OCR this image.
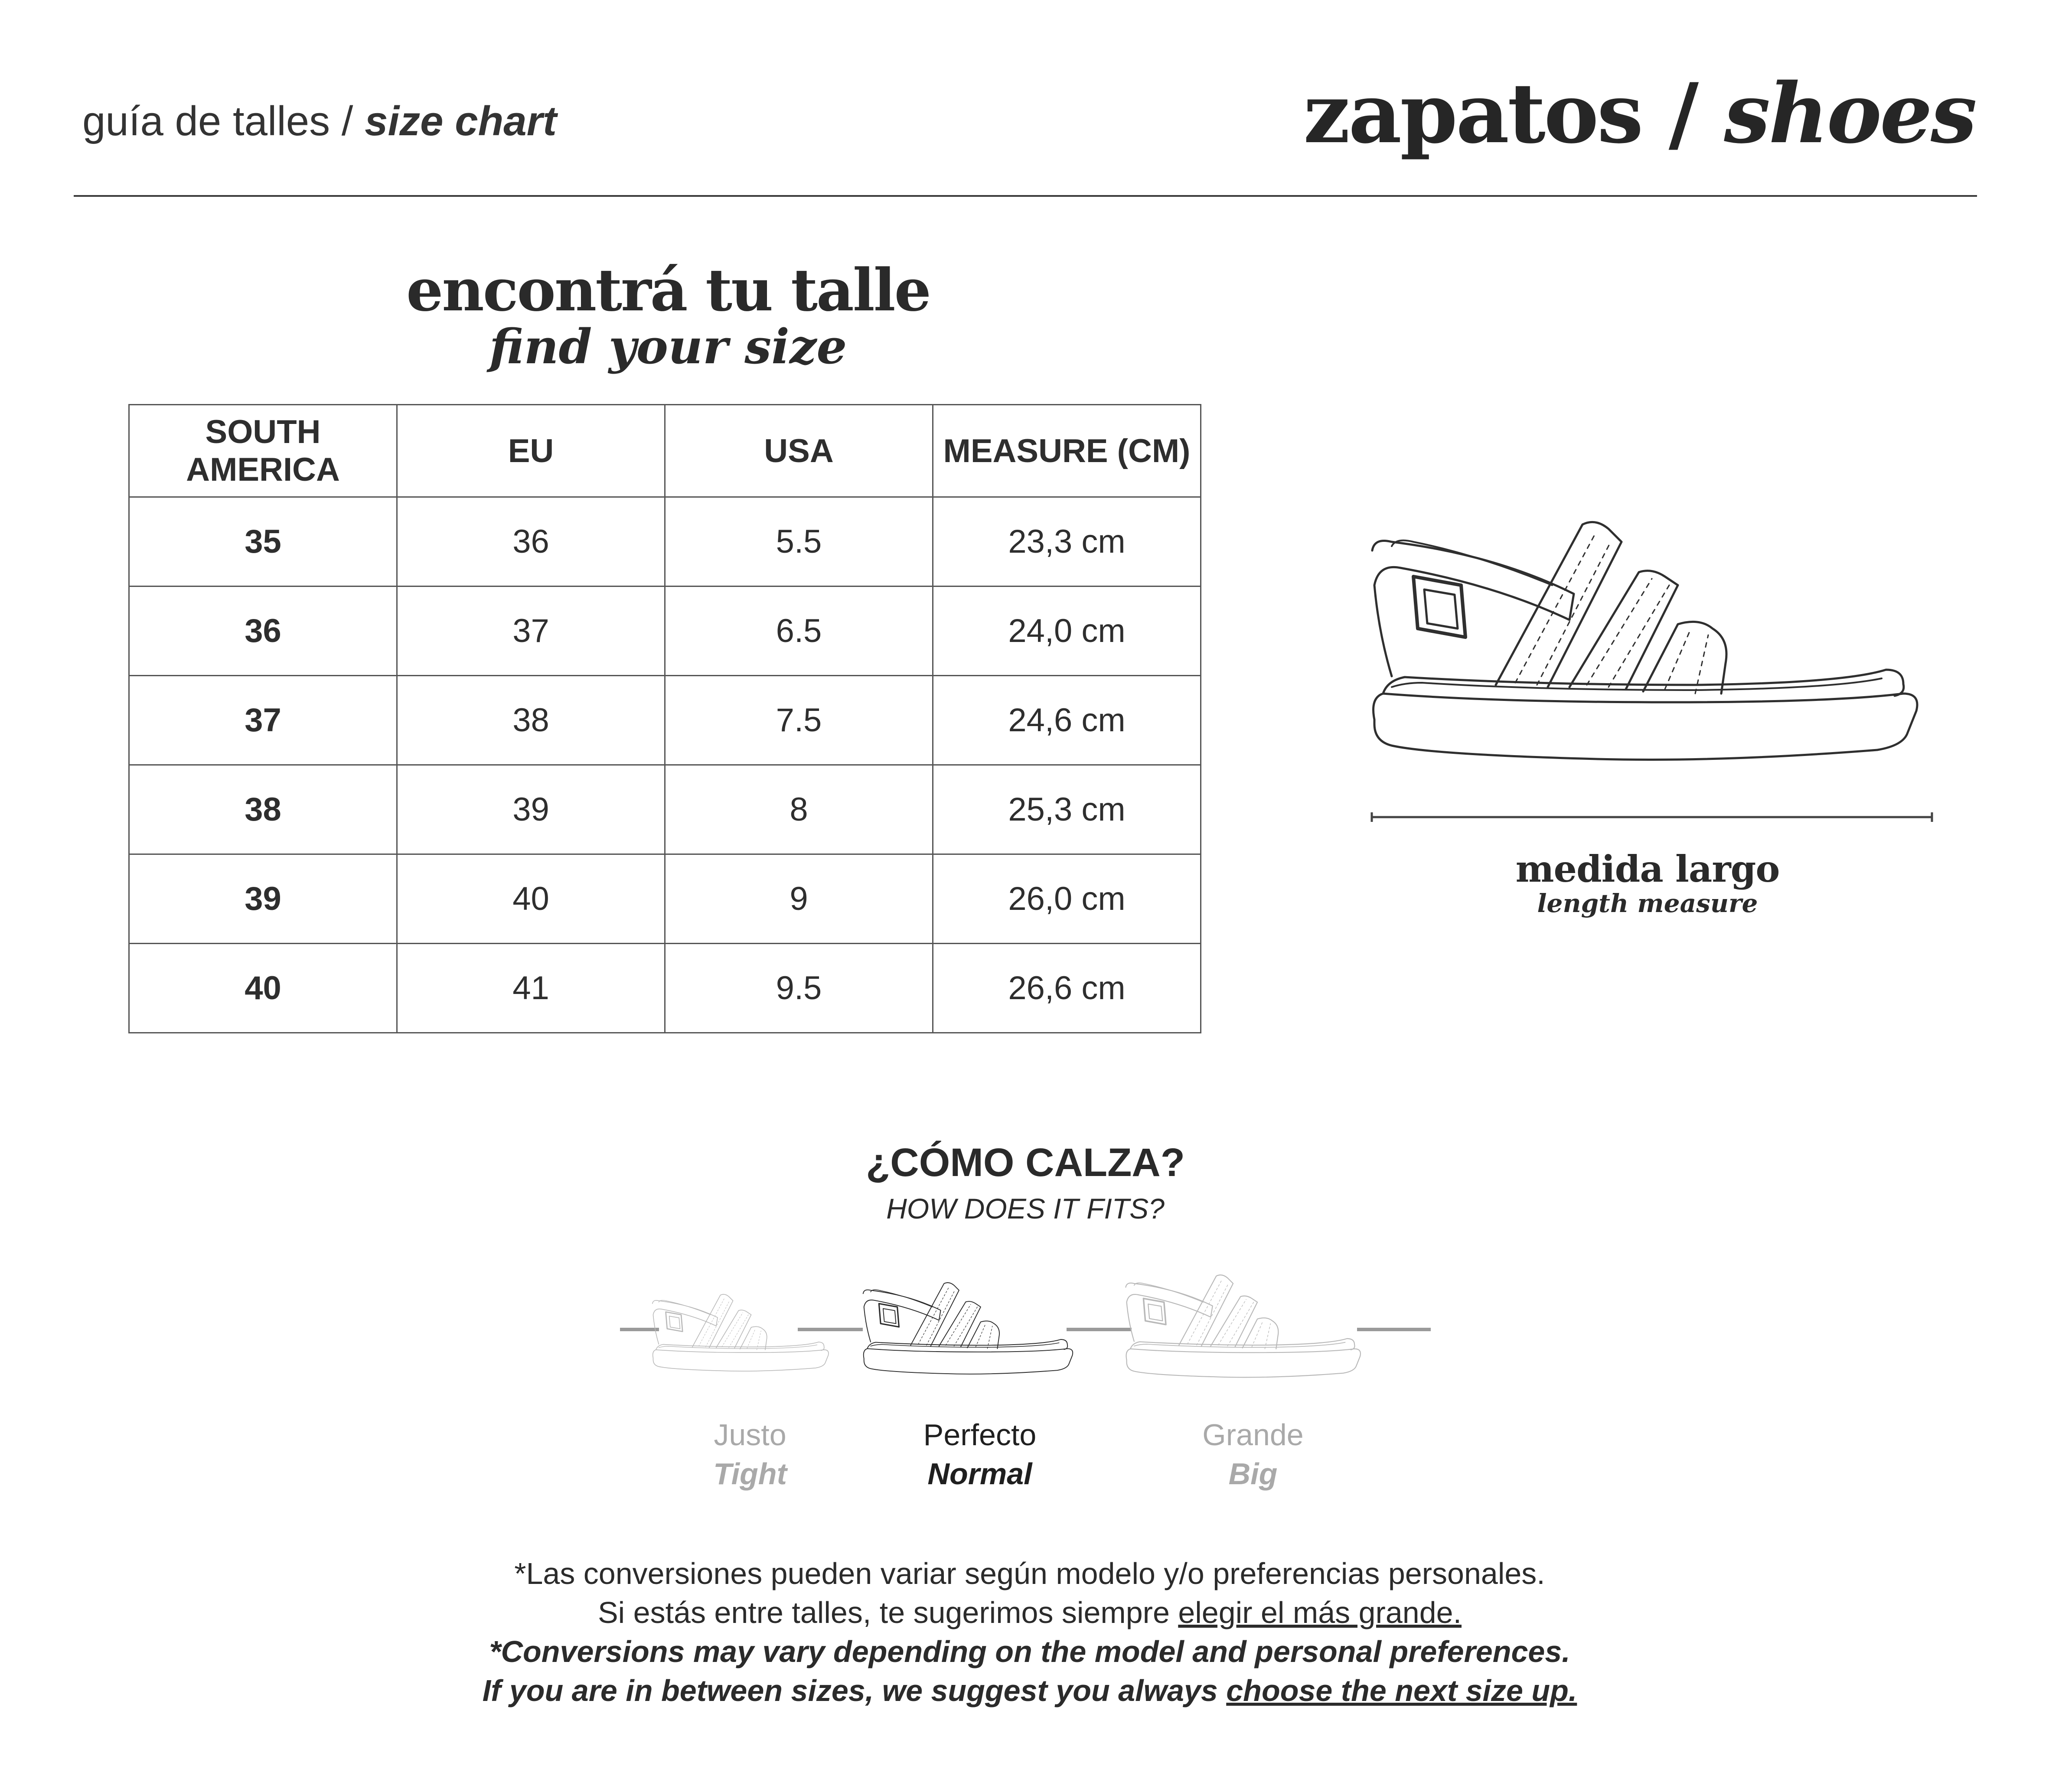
guía de talles / size chart	zapatos / shoes
encontrá tu talle
find your size
SOUTH AMERICA	EU	USA	MEASURE (CM)
35	36	5.5	23,3 cm
36	37	6.5	24,0 cm
37	38	7.5	24,6 cm
38	39	8	25,3 cm
39	40	9	26,0 cm
40	41	9.5	26,6 cm
medida largo
length measure
¿CÓMO CALZA?
HOW DOES IT FITS?
Justo
Tight
Perfecto
Normal
Grande
Big
*Las conversiones pueden variar según modelo y/o preferencias personales.
Si estás entre talles, te sugerimos siempre elegir el más grande.
*Conversions may vary depending on the model and personal preferences.
If you are in between sizes, we suggest you always choose the next size up.
